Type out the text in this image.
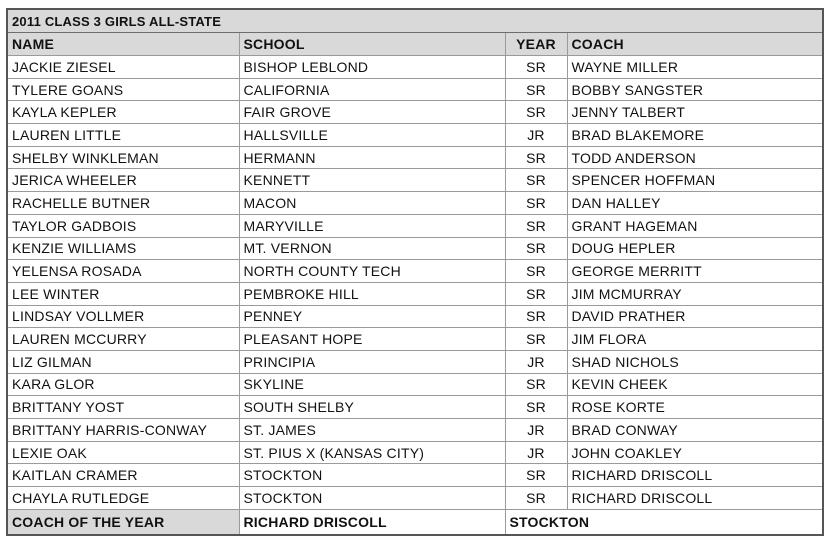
2011 CLASS 3 GIRLS ALL-STATE			
NAME	SCHOOL	YEAR	COACH
JACKIE ZIESEL	BISHOP LEBLOND	SR	WAYNE MILLER
TYLERE GOANS	CALIFORNIA	SR	BOBBY SANGSTER
KAYLA KEPLER	FAIR GROVE	SR	JENNY TALBERT
LAUREN LITTLE	HALLSVILLE	JR	BRAD BLAKEMORE
SHELBY WINKLEMAN	HERMANN	SR	TODD ANDERSON
JERICA WHEELER	KENNETT	SR	SPENCER HOFFMAN
RACHELLE BUTNER	MACON	SR	DAN HALLEY
TAYLOR GADBOIS	MARYVILLE	SR	GRANT HAGEMAN
KENZIE WILLIAMS	MT. VERNON	SR	DOUG HEPLER
YELENSA ROSADA	NORTH COUNTY TECH	SR	GEORGE MERRITT
LEE WINTER	PEMBROKE HILL	SR	JIM MCMURRAY
LINDSAY VOLLMER	PENNEY	SR	DAVID PRATHER
LAUREN MCCURRY	PLEASANT HOPE	SR	JIM FLORA
LIZ GILMAN	PRINCIPIA	JR	SHAD NICHOLS
KARA GLOR	SKYLINE	SR	KEVIN CHEEK
BRITTANY YOST	SOUTH SHELBY	SR	ROSE KORTE
BRITTANY HARRIS-CONWAY	ST. JAMES	JR	BRAD CONWAY
LEXIE OAK	ST. PIUS X (KANSAS CITY)	JR	JOHN COAKLEY
KAITLAN CRAMER	STOCKTON	SR	RICHARD DRISCOLL
CHAYLA RUTLEDGE	STOCKTON	SR	RICHARD DRISCOLL
COACH OF THE YEAR	RICHARD DRISCOLL	STOCKTON	
